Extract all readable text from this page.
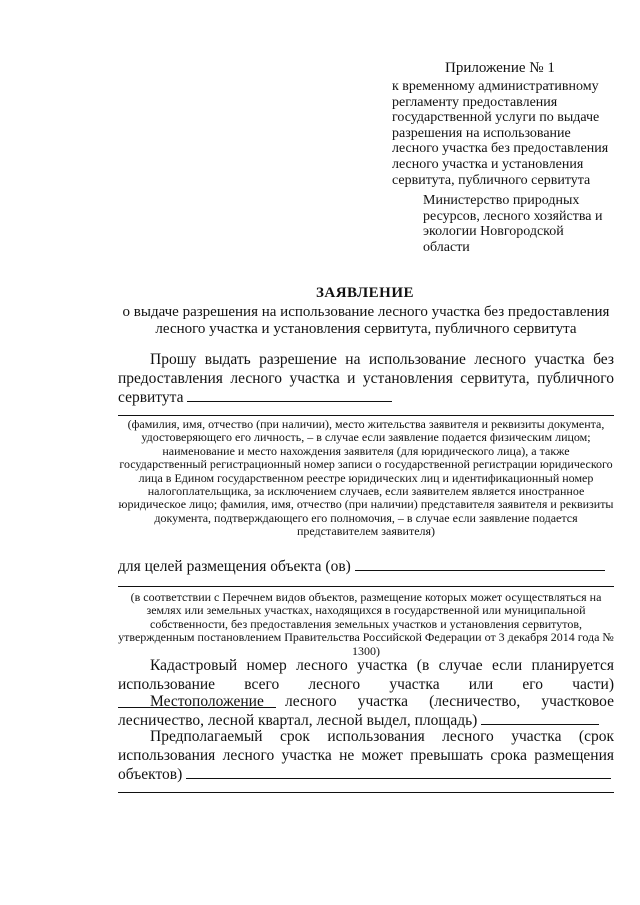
Приложение № 1
к временному административному регламенту предоставления государственной услуги по выдаче разрешения на использование лесного участка без предоставления лесного участка и установления сервитута, публичного сервитута
Министерство природных ресурсов, лесного хозяйства и экологии Новгородской области
ЗАЯВЛЕНИЕ
о выдаче разрешения на использование лесного участка без предоставления лесного участка и установления сервитута, публичного сервитута
Прошу выдать разрешение на использование лесного участка без предоставления лесного участка и установления сервитута, публичного сервитута
(фамилия, имя, отчество (при наличии), место жительства заявителя и реквизиты документа, удостоверяющего его личность, – в случае если заявление подается физическим лицом; наименование и место нахождения заявителя (для юридического лица), а также государственный регистрационный номер записи о государственной регистрации юридического лица в Едином государственном реестре юридических лиц и идентификационный номер налогоплательщика, за исключением случаев, если заявителем является иностранное юридическое лицо; фамилия, имя, отчество (при наличии) представителя заявителя и реквизиты документа, подтверждающего его полномочия, – в случае если заявление подается представителем заявителя)
для целей размещения объекта (ов)
(в соответствии с Перечнем видов объектов, размещение которых может осуществляться на землях или земельных участках, находящихся в государственной или муниципальной собственности, без предоставления земельных участков и установления сервитутов, утвержденным постановлением Правительства Российской Федерации от 3 декабря 2014 года № 1300)
Кадастровый номер лесного участка (в случае если планируется использование всего лесного участка или его части)
Местоположение лесного участка (лесничество, участковое лесничество, лесной квартал, лесной выдел, площадь)
Предполагаемый срок использования лесного участка (срок использования лесного участка не может превышать срока размещения объектов)
